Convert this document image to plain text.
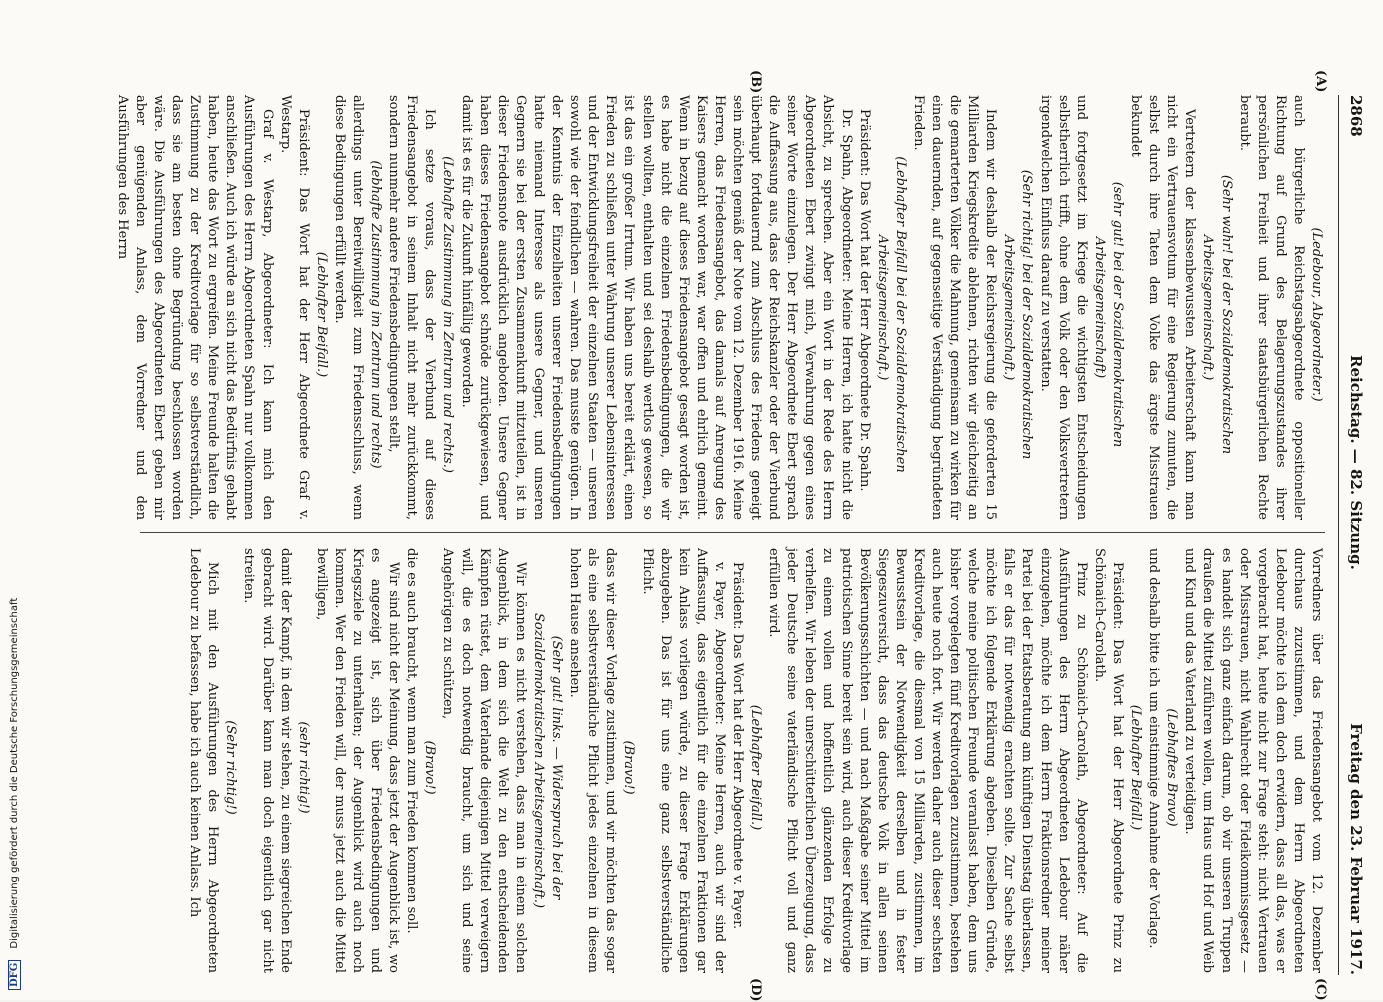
2868
Reichstag. — 82. Sitzung.
Freitag den 23. Februar 1917.
(A)
(B)
(C)
(D)

(Ledebour, Abgeordneter.)

auch bürgerliche Reichstagsabgeordnete oppositioneller Richtung auf Grund des Belagerungszustandes ihrer persönlichen Freiheit und ihrer staatsbürgerlichen Rechte beraubt.

(Sehr wahr! bei der Sozialdemokratischen Arbeitsgemeinschaft.)

Vertretern der klassenbewussten Arbeiterschaft kann man nicht ein Vertrauensvotum für eine Regierung zumuten, die selbst durch ihre Taten dem Volke das ärgste Misstrauen bekundet

(sehr gut! bei der Sozialdemokratischen Arbeitsgemeinschaft)

und fortgesetzt im Kriege die wichtigsten Entscheidungen selbstherrlich trifft, ohne dem Volk oder den Volksvertretern irgendwelchen Einfluss darauf zu verstatten.

(Sehr richtig! bei der Sozialdemokratischen Arbeitsgemeinschaft.)

Indem wir deshalb der Reichsregierung die geforderten 15 Milliarden Kriegskredite ablehnen, richten wir gleichzeitig an die gemarterten Völker die Mahnung, gemeinsam zu wirken für einen dauernden, auf gegenseitige Verständigung begründeten Frieden.

(Lebhafter Beifall bei der Sozialdemokratischen Arbeitsgemeinschaft.)

Präsident: Das Wort hat der Herr Abgeordnete Dr. Spahn.

Dr. Spahn, Abgeordneter: Meine Herren, ich hatte nicht die Absicht, zu sprechen. Aber ein Wort in der Rede des Herrn Abgeordneten Ebert zwingt mich, Verwahrung gegen eines seiner Worte einzulegen. Der Herr Abgeordnete Ebert sprach die Auffassung aus, dass der Reichskanzler oder der Vierbund überhaupt fortdauernd zum Abschluss des Friedens geneigt sein möchten gemäß der Note vom 12. Dezember 1916. Meine Herren, das Friedensangebot, das damals auf Anregung des Kaisers gemacht worden war, war offen und ehrlich gemeint. Wenn in bezug auf dieses Friedensangebot gesagt worden ist, es habe nicht die einzelnen Friedensbedingungen, die wir stellen wollten, enthalten und sei deshalb wertlos gewesen, so ist das ein großer Irrtum. Wir haben uns bereit erklärt, einen Frieden zu schließen unter Wahrung unserer Lebensinteressen und der Entwicklungsfreiheit der einzelnen Staaten — unseren sowohl wie der feindlichen — wahren. Das musste genügen. In der Kenntnis der Einzelheiten unserer Friedensbedingungen hatte niemand Interesse als unsere Gegner, und unseren Gegnern sie bei der ersten Zusammenkunft mitzuteilen, ist in dieser Friedensnote ausdrücklich angeboten. Unsere Gegner haben dieses Friedensangebot schnöde zurückgewiesen, und damit ist es für die Zukunft hinfällig geworden.

(Lebhafte Zustimmung im Zentrum und rechts.)

Ich setze voraus, dass der Vierbund auf dieses Friedensangebot in seinem Inhalt nicht mehr zurückkommt, sondern nunmehr andere Friedensbedingungen stellt,

(lebhafte Zustimmung im Zentrum und rechts)

allerdings unter Bereitwilligkeit zum Friedensschluss, wenn diese Bedingungen erfüllt werden.

(Lebhafter Beifall.)

Präsident: Das Wort hat der Herr Abgeordnete Graf v. Westarp.

Graf v. Westarp, Abgeordneter: Ich kann mich den Ausführungen des Herrn Abgeordneten Spahn nur vollkommen anschließen. Auch ich würde an sich nicht das Bedürfnis gehabt haben, heute das Wort zu ergreifen. Meine Freunde halten die Zustimmung zu der Kreditvorlage für so selbstverständlich, dass sie am besten ohne Begründung beschlossen worden wäre. Die Ausführungen des Abgeordneten Ebert geben mir aber genügenden Anlass, dem Vorredner und den Ausführungen des Herrn

Vorredners über das Friedensangebot vom 12. Dezember durchaus zuzustimmen, und dem Herrn Abgeordneten Ledebour möchte ich dem doch erwidern, dass all das, was er vorgebracht hat, heute nicht zur Frage steht: nicht Vertrauen oder Misstrauen, nicht Wahlrecht oder Fideikommissgesetz — es handelt sich ganz einfach darum, ob wir unseren Truppen draußen die Mittel zuführen wollen, um Haus und Hof und Weib und Kind und das Vaterland zu verteidigen.

(Lebhaftes Bravo)

und deshalb bitte ich um einstimmige Annahme der Vorlage.

(Lebhafter Beifall.)

Präsident: Das Wort hat der Herr Abgeordnete Prinz zu Schönaich-Carolath.

Prinz zu Schönaich-Carolath, Abgeordneter: Auf die Ausführungen des Herrn Abgeordneten Ledebour näher einzugehen, möchte ich dem Herrn Fraktionsredner meiner Partei bei der Etatsberatung am künftigen Dienstag überlassen, falls er das für notwendig erachten sollte. Zur Sache selbst möchte ich folgende Erklärung abgeben. Dieselben Gründe, welche meine politischen Freunde veranlasst haben, dem uns bisher vorgelegten fünf Kreditvorlagen zuzustimmen, bestehen auch heute noch fort. Wir werden daher auch dieser sechsten Kreditvorlage, die diesmal von 15 Milliarden, zustimmen, im Bewusstsein der Notwendigkeit derselben und in fester Siegeszuversicht, dass das deutsche Volk in allen seinen Bevölkerungsschichten — und nach Maßgabe seiner Mittel im patriotischen Sinne bereit sein wird, auch dieser Kreditvorlage zu einem vollen und hoffentlich glänzenden Erfolge zu verhelfen. Wir leben der unerschütterlichen Überzeugung, dass jeder Deutsche seine vaterländische Pflicht voll und ganz erfüllen wird.

(Lebhafter Beifall.)

Präsident: Das Wort hat der Herr Abgeordnete v. Payer.

v. Payer, Abgeordneter: Meine Herren, auch wir sind der Auffassung, dass eigentlich für die einzelnen Fraktionen gar kein Anlass vorliegen würde, zu dieser Frage Erklärungen abzugeben. Das ist für uns eine ganz selbstverständliche Pflicht.

(Bravo!)

dass wir dieser Vorlage zustimmen, und wir möchten das sogar als eine selbstverständliche Pflicht jedes einzelnen in diesem hohen Hause ansehen.

(Sehr gut! links. — Widerspruch bei der Sozialdemokratischen Arbeitsgemeinschaft.)

Wir können es nicht verstehen, dass man in einem solchen Augenblick, in dem sich die Welt zu den entscheidenden Kämpfen rüstet, dem Vaterlande diejenigen Mittel verweigern will, die es doch notwendig braucht, um sich und seine Angehörigen zu schützen,

(Bravo!)

die es auch braucht, wenn man zum Frieden kommen soll.

Wir sind nicht der Meinung, dass jetzt der Augenblick ist, wo es angezeigt ist, sich über Friedensbedingungen und Kriegsziele zu unterhalten; der Augenblick wird auch noch kommen. Wer den Frieden will, der muss jetzt auch die Mittel bewilligen,

(sehr richtig!)

damit der Kampf, in dem wir stehen, zu einem siegreichen Ende gebracht wird. Darüber kann man doch eigentlich gar nicht streiten.

(Sehr richtig!)

Mich mit den Ausführungen des Herrn Abgeordneten Ledebour zu befassen, habe ich auch keinen Anlass. Ich

DFG Digitalisierung gefördert durch die Deutsche Forschungsgemeinschaft
